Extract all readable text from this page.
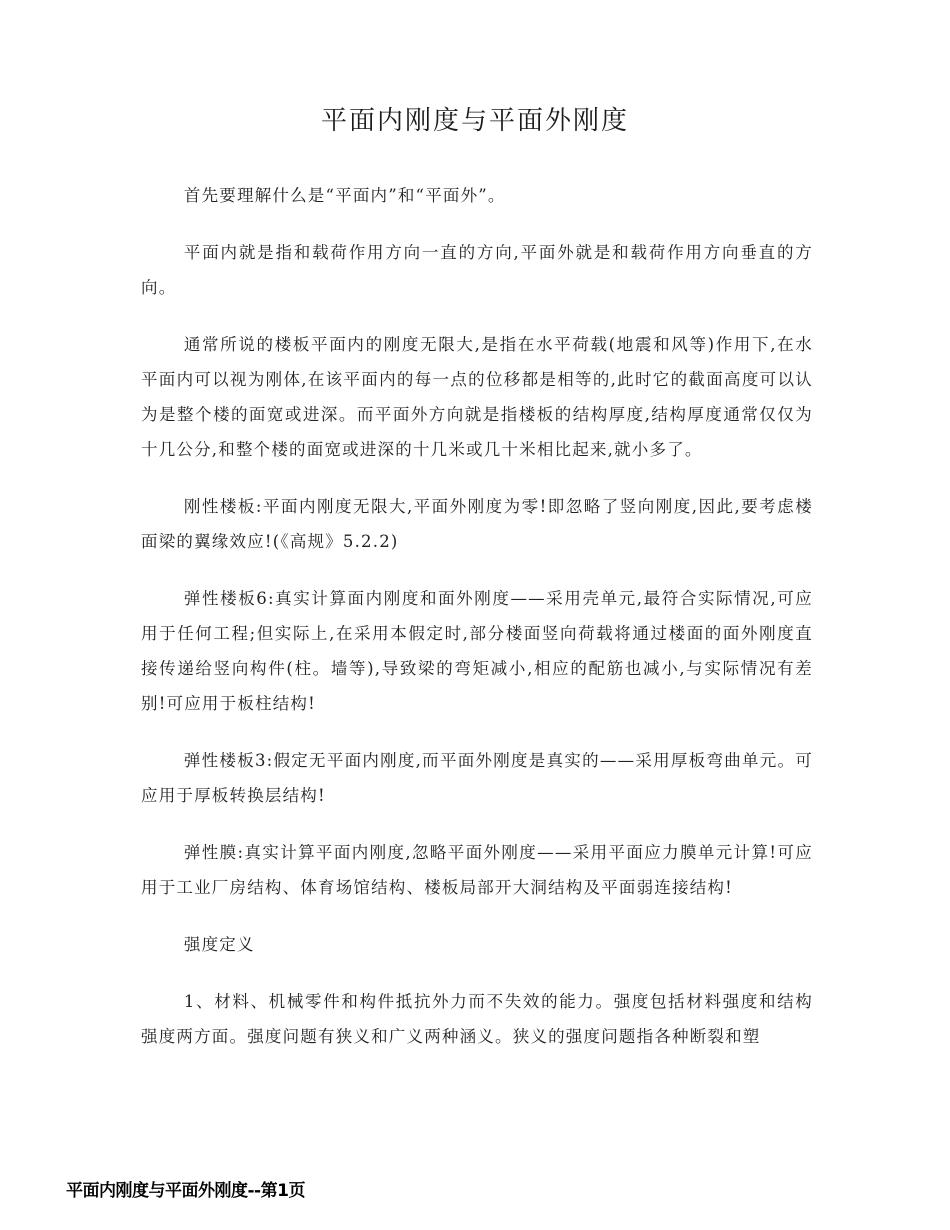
平面内刚度与平面外刚度

首先要理解什么是“平面内”和“平面外”。

平面内就是指和载荷作用方向一直的方向,平面外就是和载荷作用方向垂直的方向。

通常所说的楼板平面内的刚度无限大,是指在水平荷载(地震和风等)作用下,在水平面内可以视为刚体,在该平面内的每一点的位移都是相等的,此时它的截面高度可以认为是整个楼的面宽或进深。而平面外方向就是指楼板的结构厚度,结构厚度通常仅仅为十几公分,和整个楼的面宽或进深的十几米或几十米相比起来,就小多了。

刚性楼板:平面内刚度无限大,平面外刚度为零!即忽略了竖向刚度,因此,要考虑楼面梁的翼缘效应!(《高规》5.2.2)

弹性楼板6:真实计算面内刚度和面外刚度——采用壳单元,最符合实际情况,可应用于任何工程;但实际上,在采用本假定时,部分楼面竖向荷载将通过楼面的面外刚度直接传递给竖向构件(柱。墙等),导致梁的弯矩减小,相应的配筋也减小,与实际情况有差别!可应用于板柱结构!

弹性楼板3:假定无平面内刚度,而平面外刚度是真实的——采用厚板弯曲单元。可应用于厚板转换层结构!

弹性膜:真实计算平面内刚度,忽略平面外刚度——采用平面应力膜单元计算!可应用于工业厂房结构、体育场馆结构、楼板局部开大洞结构及平面弱连接结构!

强度定义

1、材料、机械零件和构件抵抗外力而不失效的能力。强度包括材料强度和结构强度两方面。强度问题有狭义和广义两种涵义。狭义的强度问题指各种断裂和塑

平面内刚度与平面外刚度--第1页
